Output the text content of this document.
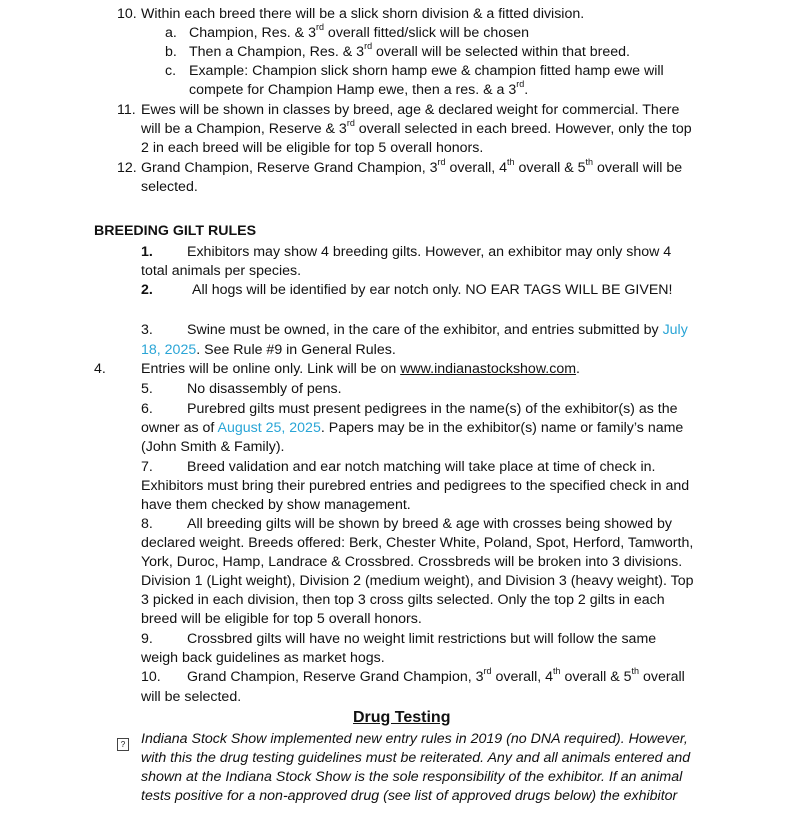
10. Within each breed there will be a slick shorn division & a fitted division.
a. Champion, Res. & 3rd overall fitted/slick will be chosen
b. Then a Champion, Res. & 3rd overall will be selected within that breed.
c. Example: Champion slick shorn hamp ewe & champion fitted hamp ewe will
compete for Champion Hamp ewe, then a res. & a 3rd.
11. Ewes will be shown in classes by breed, age & declared weight for commercial. There
will be a Champion, Reserve & 3rd overall selected in each breed. However, only the top
2 in each breed will be eligible for top 5 overall honors.
12. Grand Champion, Reserve Grand Champion, 3rd overall, 4th overall & 5th overall will be
selected.
BREEDING GILT RULES
1. Exhibitors may show 4 breeding gilts. However, an exhibitor may only show 4
total animals per species.
2.	All hogs will be identified by ear notch only. NO EAR TAGS WILL BE GIVEN!
3. Swine must be owned, in the care of the exhibitor, and entries submitted by July
18, 2025. See Rule #9 in General Rules.
4. Entries will be online only. Link will be on www.indianastockshow.com.
5. No disassembly of pens.
6. Purebred gilts must present pedigrees in the name(s) of the exhibitor(s) as the
owner as of August 25, 2025. Papers may be in the exhibitor(s) name or family’s name
(John Smith & Family).
7. Breed validation and ear notch matching will take place at time of check in.
Exhibitors must bring their purebred entries and pedigrees to the specified check in and
have them checked by show management.
8. All breeding gilts will be shown by breed & age with crosses being showed by
declared weight. Breeds offered: Berk, Chester White, Poland, Spot, Herford, Tamworth,
York, Duroc, Hamp, Landrace & Crossbred. Crossbreds will be broken into 3 divisions.
Division 1 (Light weight), Division 2 (medium weight), and Division 3 (heavy weight). Top
3 picked in each division, then top 3 cross gilts selected. Only the top 2 gilts in each
breed will be eligible for top 5 overall honors.
9. Crossbred gilts will have no weight limit restrictions but will follow the same
weigh back guidelines as market hogs.
10. Grand Champion, Reserve Grand Champion, 3rd overall, 4th overall & 5th overall
will be selected.
Drug Testing
? Indiana Stock Show implemented new entry rules in 2019 (no DNA required). However,
with this the drug testing guidelines must be reiterated. Any and all animals entered and
shown at the Indiana Stock Show is the sole responsibility of the exhibitor. If an animal
tests positive for a non-approved drug (see list of approved drugs below) the exhibitor
